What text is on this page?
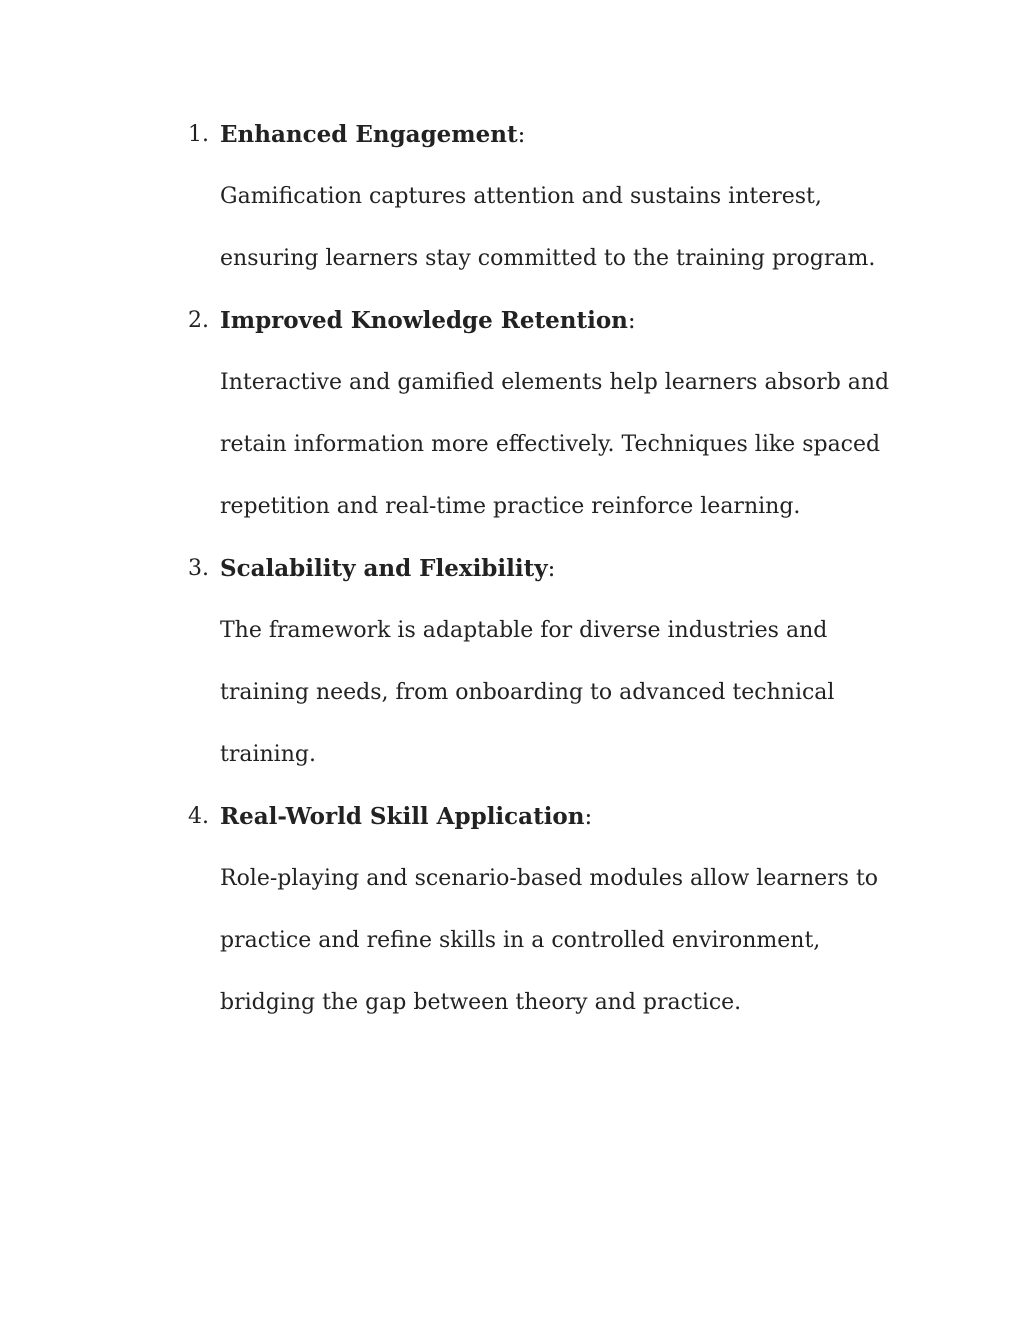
1. Enhanced Engagement:

Gamification captures attention and sustains interest,
ensuring learners stay committed to the training program.

2. Improved Knowledge Retention:

Interactive and gamified elements help learners absorb and
retain information more effectively. Techniques like spaced
repetition and real-time practice reinforce learning.

3. Scalability and Flexibility:

The framework is adaptable for diverse industries and
training needs, from onboarding to advanced technical
training.

4. Real-World Skill Application:

Role-playing and scenario-based modules allow learners to
practice and refine skills in a controlled environment,
bridging the gap between theory and practice.
